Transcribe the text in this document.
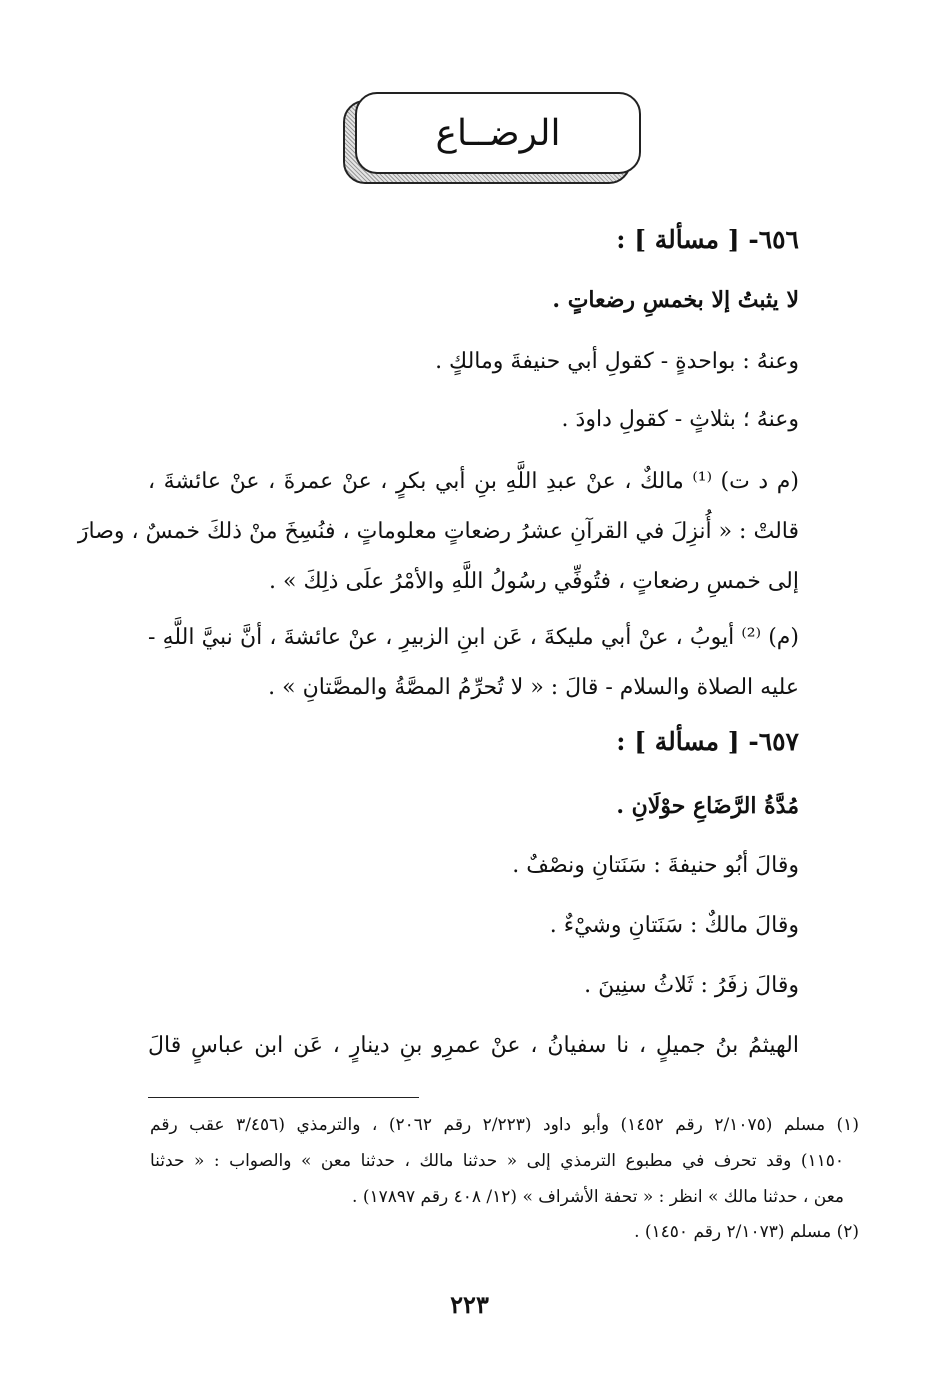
الرضــاع
٦٥٦- [ مسألة ] :
لا يثبتُ إلا بخمسِ رضعاتٍ .
وعنهُ : بواحدةٍ - كقولِ أبي حنيفةَ ومالكٍ .
وعنهُ ؛ بثلاثٍ - كقولِ داودَ .
(م د ت) ⁽¹⁾ مالكٌ ، عنْ عبدِ اللَّهِ بنِ أبي بكرٍ ، عنْ عمرةَ ، عنْ عائشةَ ،
قالتْ : « أُنزِلَ في القرآنِ عشرُ رضعاتٍ معلوماتٍ ، فنُسِخَ منْ ذلكَ خمسٌ ، وصارَ
إلى خمسِ رضعاتٍ ، فتُوفِّي رسُولُ اللَّهِ والأمْرُ علَى ذلِكَ » .
(م) ⁽²⁾ أيوبُ ، عنْ أبي مليكةَ ، عَن ابنِ الزبيرِ ، عنْ عائشةَ ، أنَّ نبيَّ اللَّهِ -
عليه الصلاة والسلام - قالَ : « لا تُحرِّمُ المصَّةُ والمصَّتانِ » .
٦٥٧- [ مسألة ] :
مُدَّةُ الرَّضَاعِ حوْلَانِ .
وقالَ أبُو حنيفةَ : سَنَتانِ ونصْفٌ .
وقالَ مالكٌ : سَنَتانِ وشيْءٌ .
وقالَ زفَرُ : ثَلاثُ سنِينَ .
الهيثمُ بنُ جميلٍ ، نا سفيانُ ، عنْ عمرِو بنِ دينارٍ ، عَن ابن عباسٍ قالَ
(١) مسلم (٢/١٠٧٥ رقم ١٤٥٢) وأبو داود (٢/٢٢٣ رقم ٢٠٦٢) ، والترمذي (٣/٤٥٦ عقب رقم
١١٥٠) وقد تحرف في مطبوع الترمذي إلى « حدثنا مالك ، حدثنا معن » والصواب : « حدثنا
معن ، حدثنا مالك » انظر : « تحفة الأشراف » (١٢/ ٤٠٨ رقم ١٧٨٩٧) .
(٢) مسلم (٢/١٠٧٣ رقم ١٤٥٠) .
٢٢٣
